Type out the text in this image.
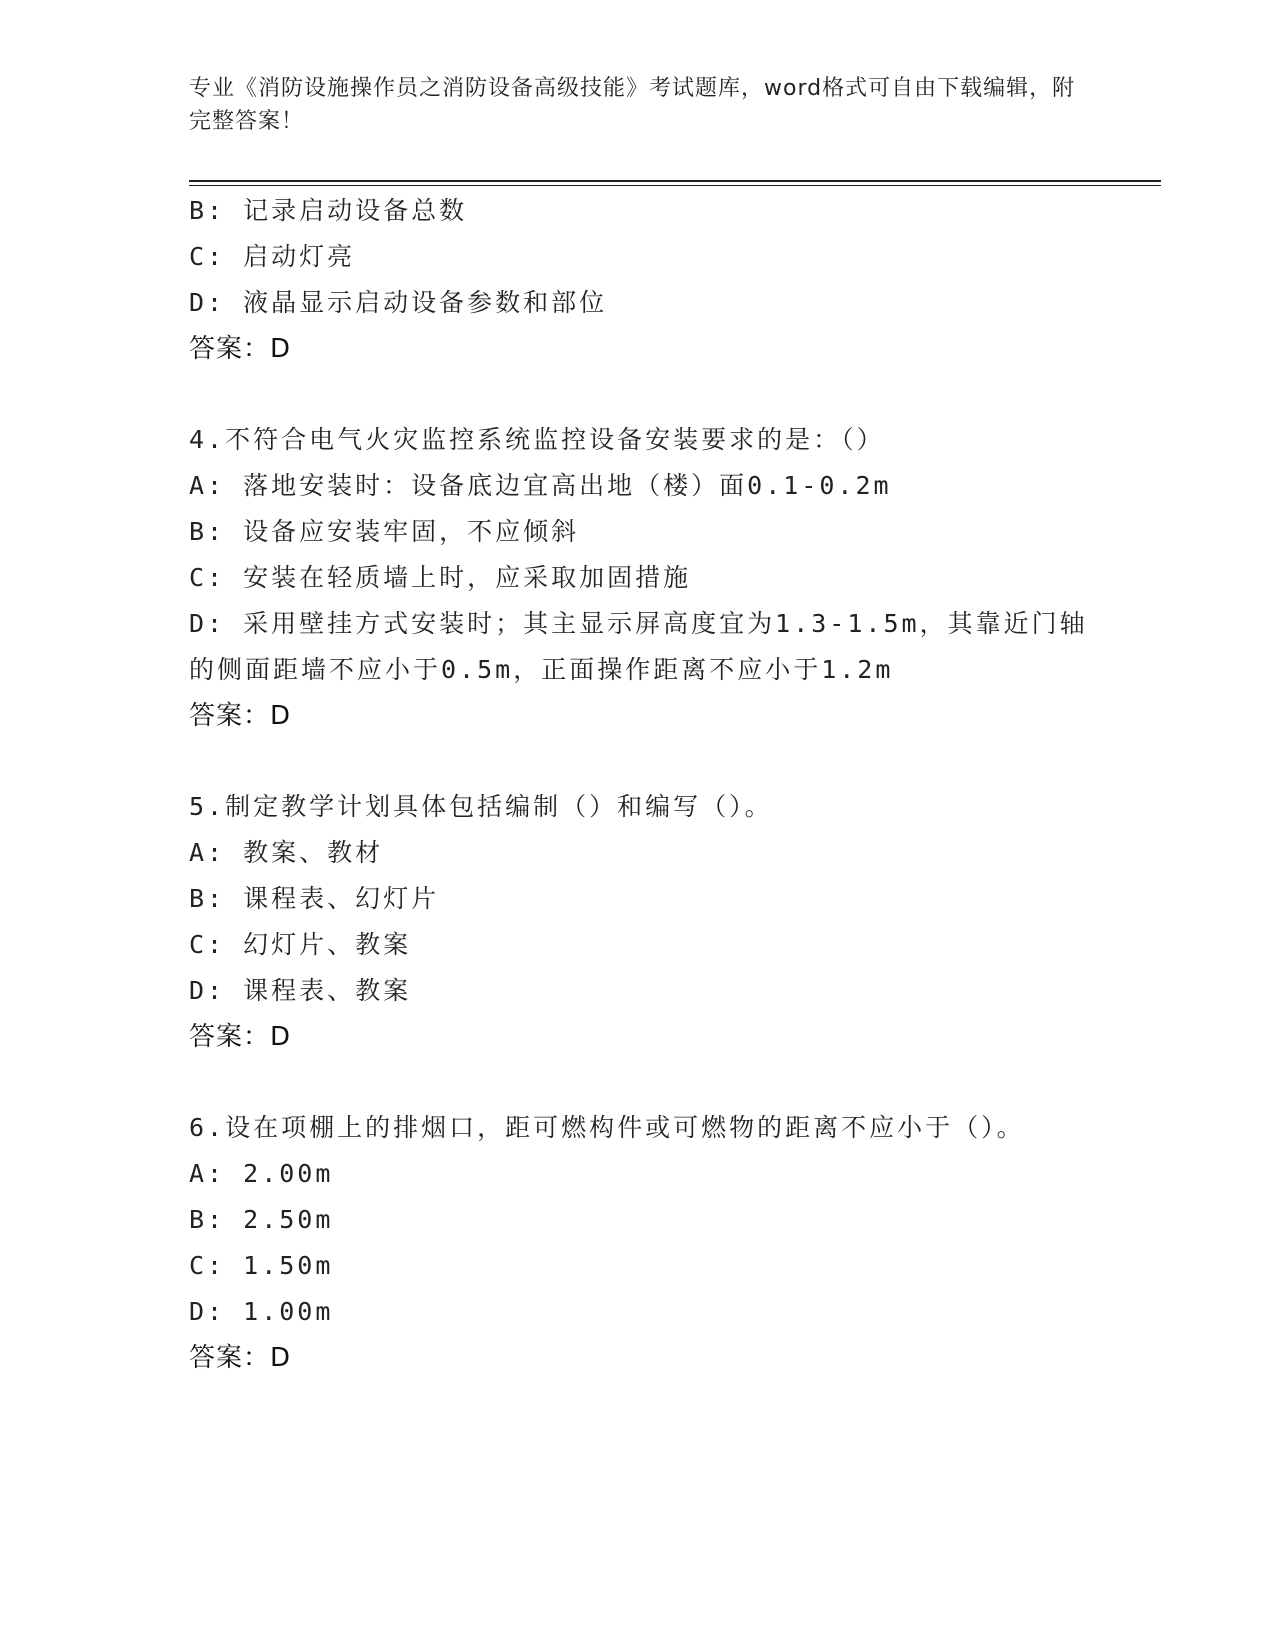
专业《消防设施操作员之消防设备高级技能》考试题库，word格式可自由下载编辑，附完整答案！
B: 记录启动设备总数
C: 启动灯亮
D: 液晶显示启动设备参数和部位
答案：D
4.不符合电气火灾监控系统监控设备安装要求的是：（）
A: 落地安装时：设备底边宜高出地（楼）面0.1-0.2m
B: 设备应安装牢固，不应倾斜
C: 安装在轻质墙上时，应采取加固措施
D: 采用壁挂方式安装时；其主显示屏高度宜为1.3-1.5m，其靠近门轴
的侧面距墙不应小于0.5m，正面操作距离不应小于1.2m
答案：D
5.制定教学计划具体包括编制（）和编写（）。
A: 教案、教材
B: 课程表、幻灯片
C: 幻灯片、教案
D: 课程表、教案
答案：D
6.设在项棚上的排烟口，距可燃构件或可燃物的距离不应小于（）。
A: 2.00m
B: 2.50m
C: 1.50m
D: 1.00m
答案：D
